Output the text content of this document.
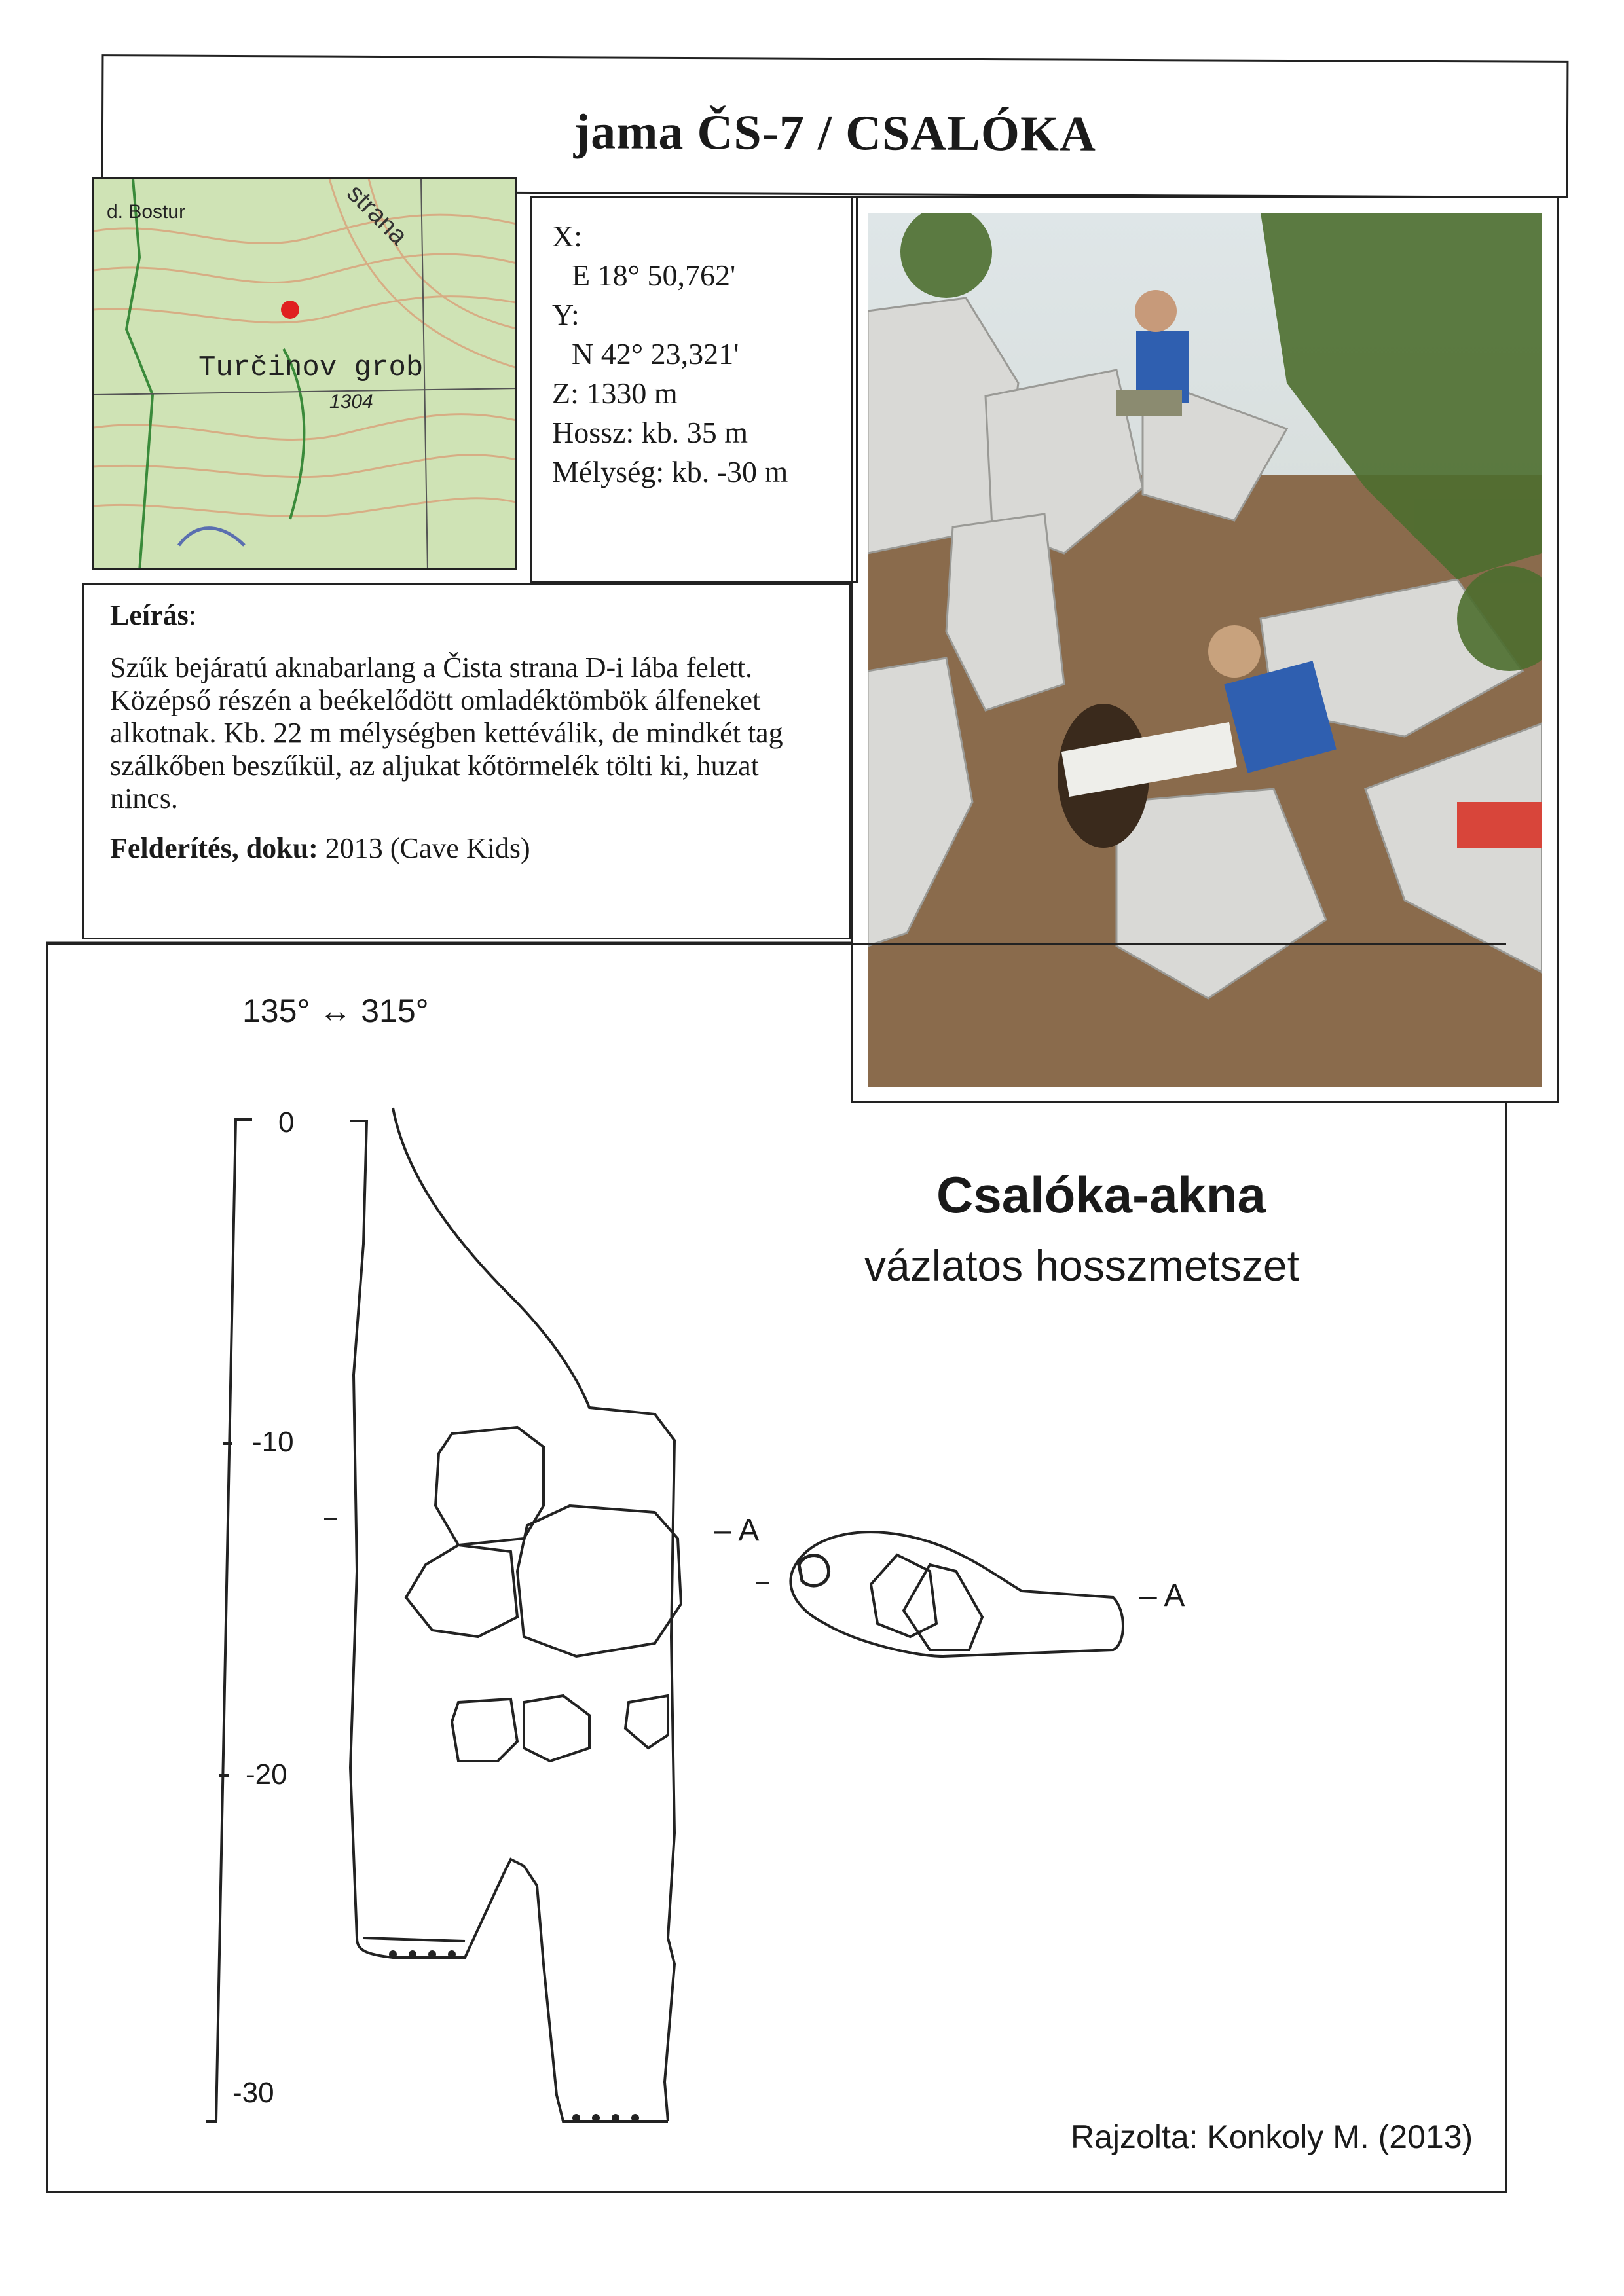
jama ČS-7 / CSALÓKA
d. Bostur	strana
Turčinov grob
1304
X:
E 18° 50,762'
Y:
N 42° 23,321'
Z: 1330 m
Hossz: kb. 35 m
Mélység: kb. -30 m
Leírás:
Szűk bejáratú aknabarlang a Čista strana D-i lába felett. Középső részén a beékelődött omladéktömbök álfeneket alkotnak. Kb. 22 m mélységben kettéválik, de mindkét tag szálkőben beszűkül, az aljukat kőtörmelék tölti ki, huzat nincs.
Felderítés, doku: 2013 (Cave Kids)
135° ↔ 315°
Csalóka-akna
vázlatos hosszmetszet
Rajzolta: Konkoly M. (2013)
0
-10
-20
-30
– A
– A
